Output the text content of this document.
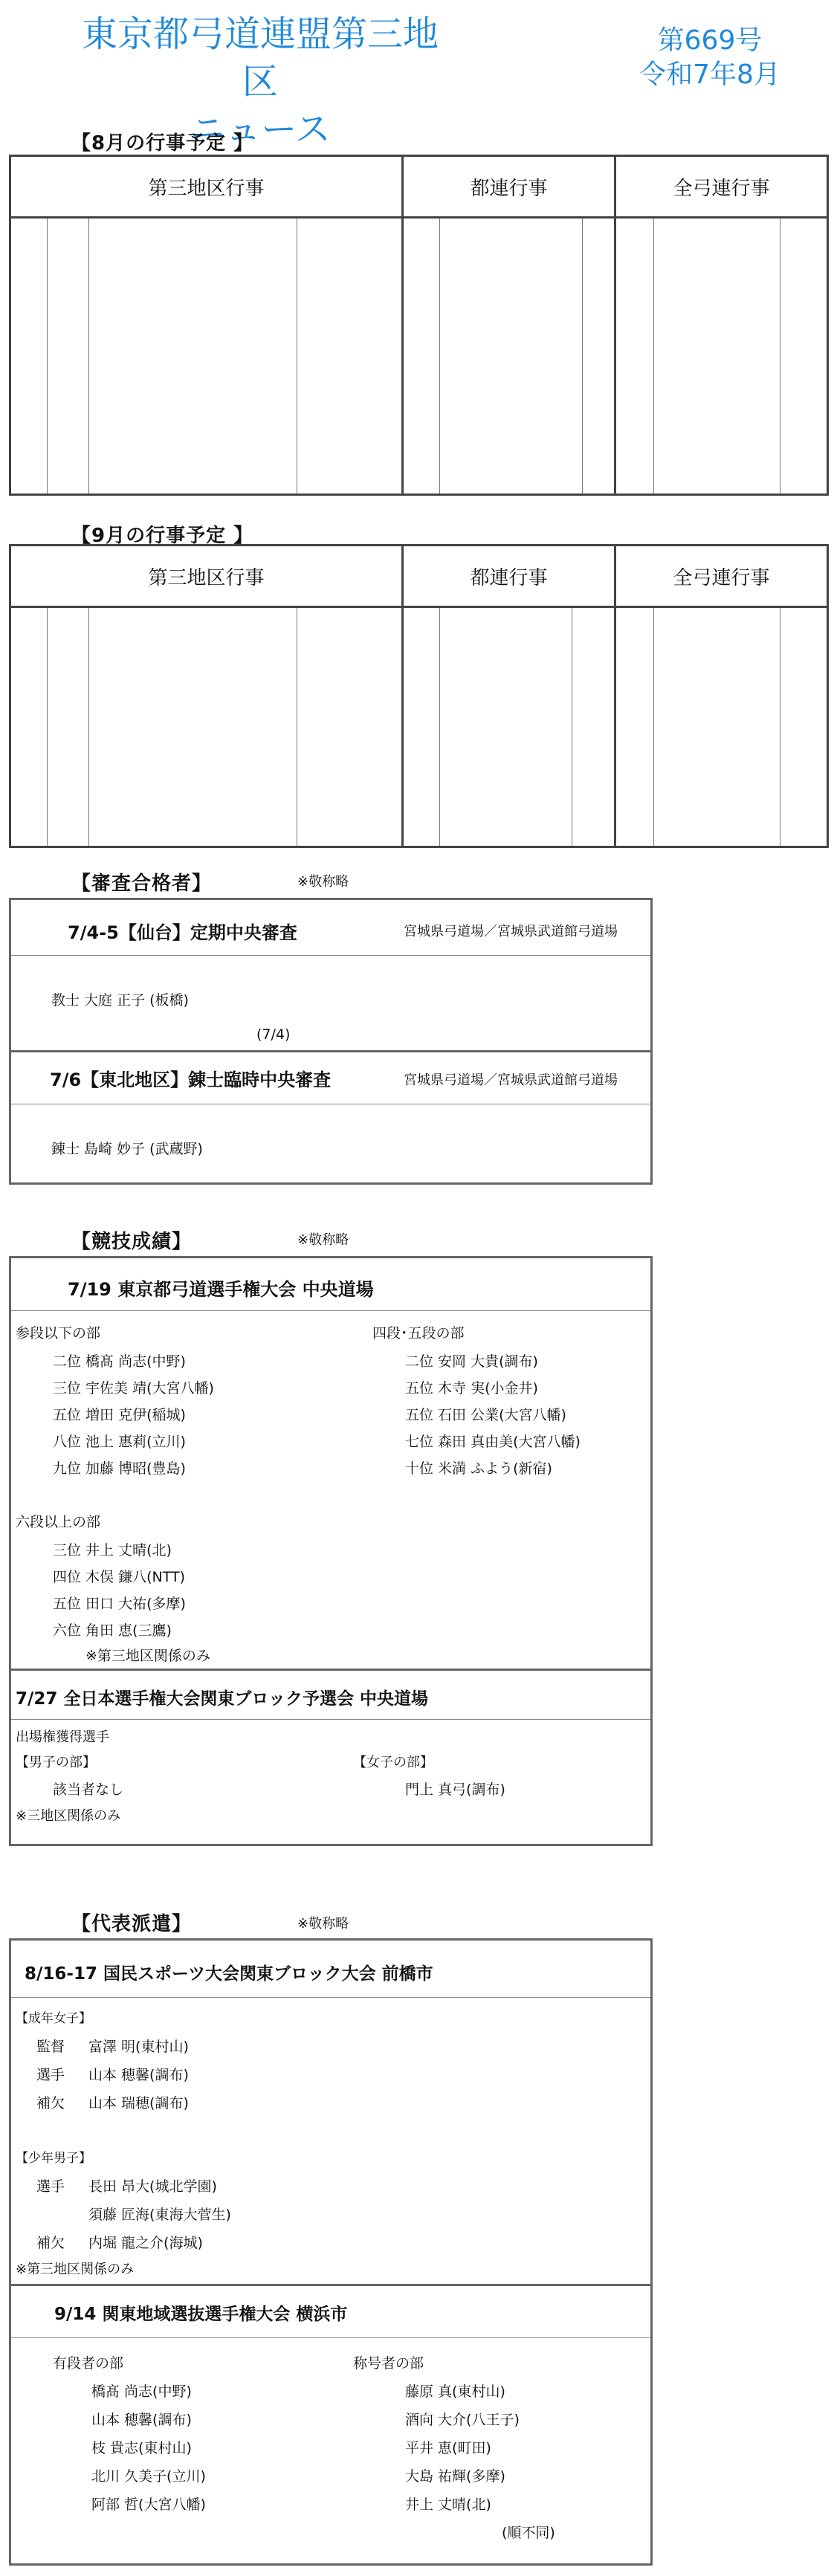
東京都弓道連盟第三地区
ニュース
第669号
令和7年8月
【8月の行事予定 】
第三地区行事	都連行事	全弓連行事

【9月の行事予定 】
第三地区行事	都連行事	全弓連行事

【審査合格者】	※敬称略
7/4-5【仙台】定期中央審査	宮城県弓道場／宮城県武道館弓道場
教士 大庭 正子 (板橋)
(7/4)
7/6【東北地区】錬士臨時中央審査	宮城県弓道場／宮城県武道館弓道場
錬士 島崎 妙子 (武蔵野)
【競技成績】	※敬称略
7/19 東京都弓道選手権大会 中央道場
参段以下の部
二位 橋髙 尚志(中野)
三位 宇佐美 靖(大宮八幡)
五位 増田 克伊(稲城)
八位 池上 惠莉(立川)
九位 加藤 博昭(豊島)
四段･五段の部
二位 安岡 大貴(調布)
五位 木寺 実(小金井)
五位 石田 公業(大宮八幡)
七位 森田 真由美(大宮八幡)
十位 米満 ふよう(新宿)
六段以上の部
三位 井上 丈晴(北)
四位 木俣 鎌八(NTT)
五位 田口 大祐(多摩)
六位 角田 恵(三鷹)
※第三地区関係のみ
7/27 全日本選手権大会関東ブロック予選会 中央道場
出場権獲得選手
【男子の部】
該当者なし
【女子の部】
門上 真弓(調布)
※三地区関係のみ
【代表派遣】	※敬称略
8/16-17 国民スポーツ大会関東ブロック大会 前橋市
【成年女子】
監督 富澤 明(東村山)
選手 山本 穂馨(調布)
補欠 山本 瑞穂(調布)
【少年男子】
選手 長田 昂大(城北学園)
須藤 匠海(東海大菅生)
補欠 内堀 龍之介(海城)
※第三地区関係のみ
9/14 関東地域選抜選手権大会 横浜市
有段者の部
橋髙 尚志(中野)
山本 穂馨(調布)
枝 貴志(東村山)
北川 久美子(立川)
阿部 哲(大宮八幡)
称号者の部
藤原 真(東村山)
酒向 大介(八王子)
平井 恵(町田)
大島 祐輝(多摩)
井上 丈晴(北)
(順不同)
